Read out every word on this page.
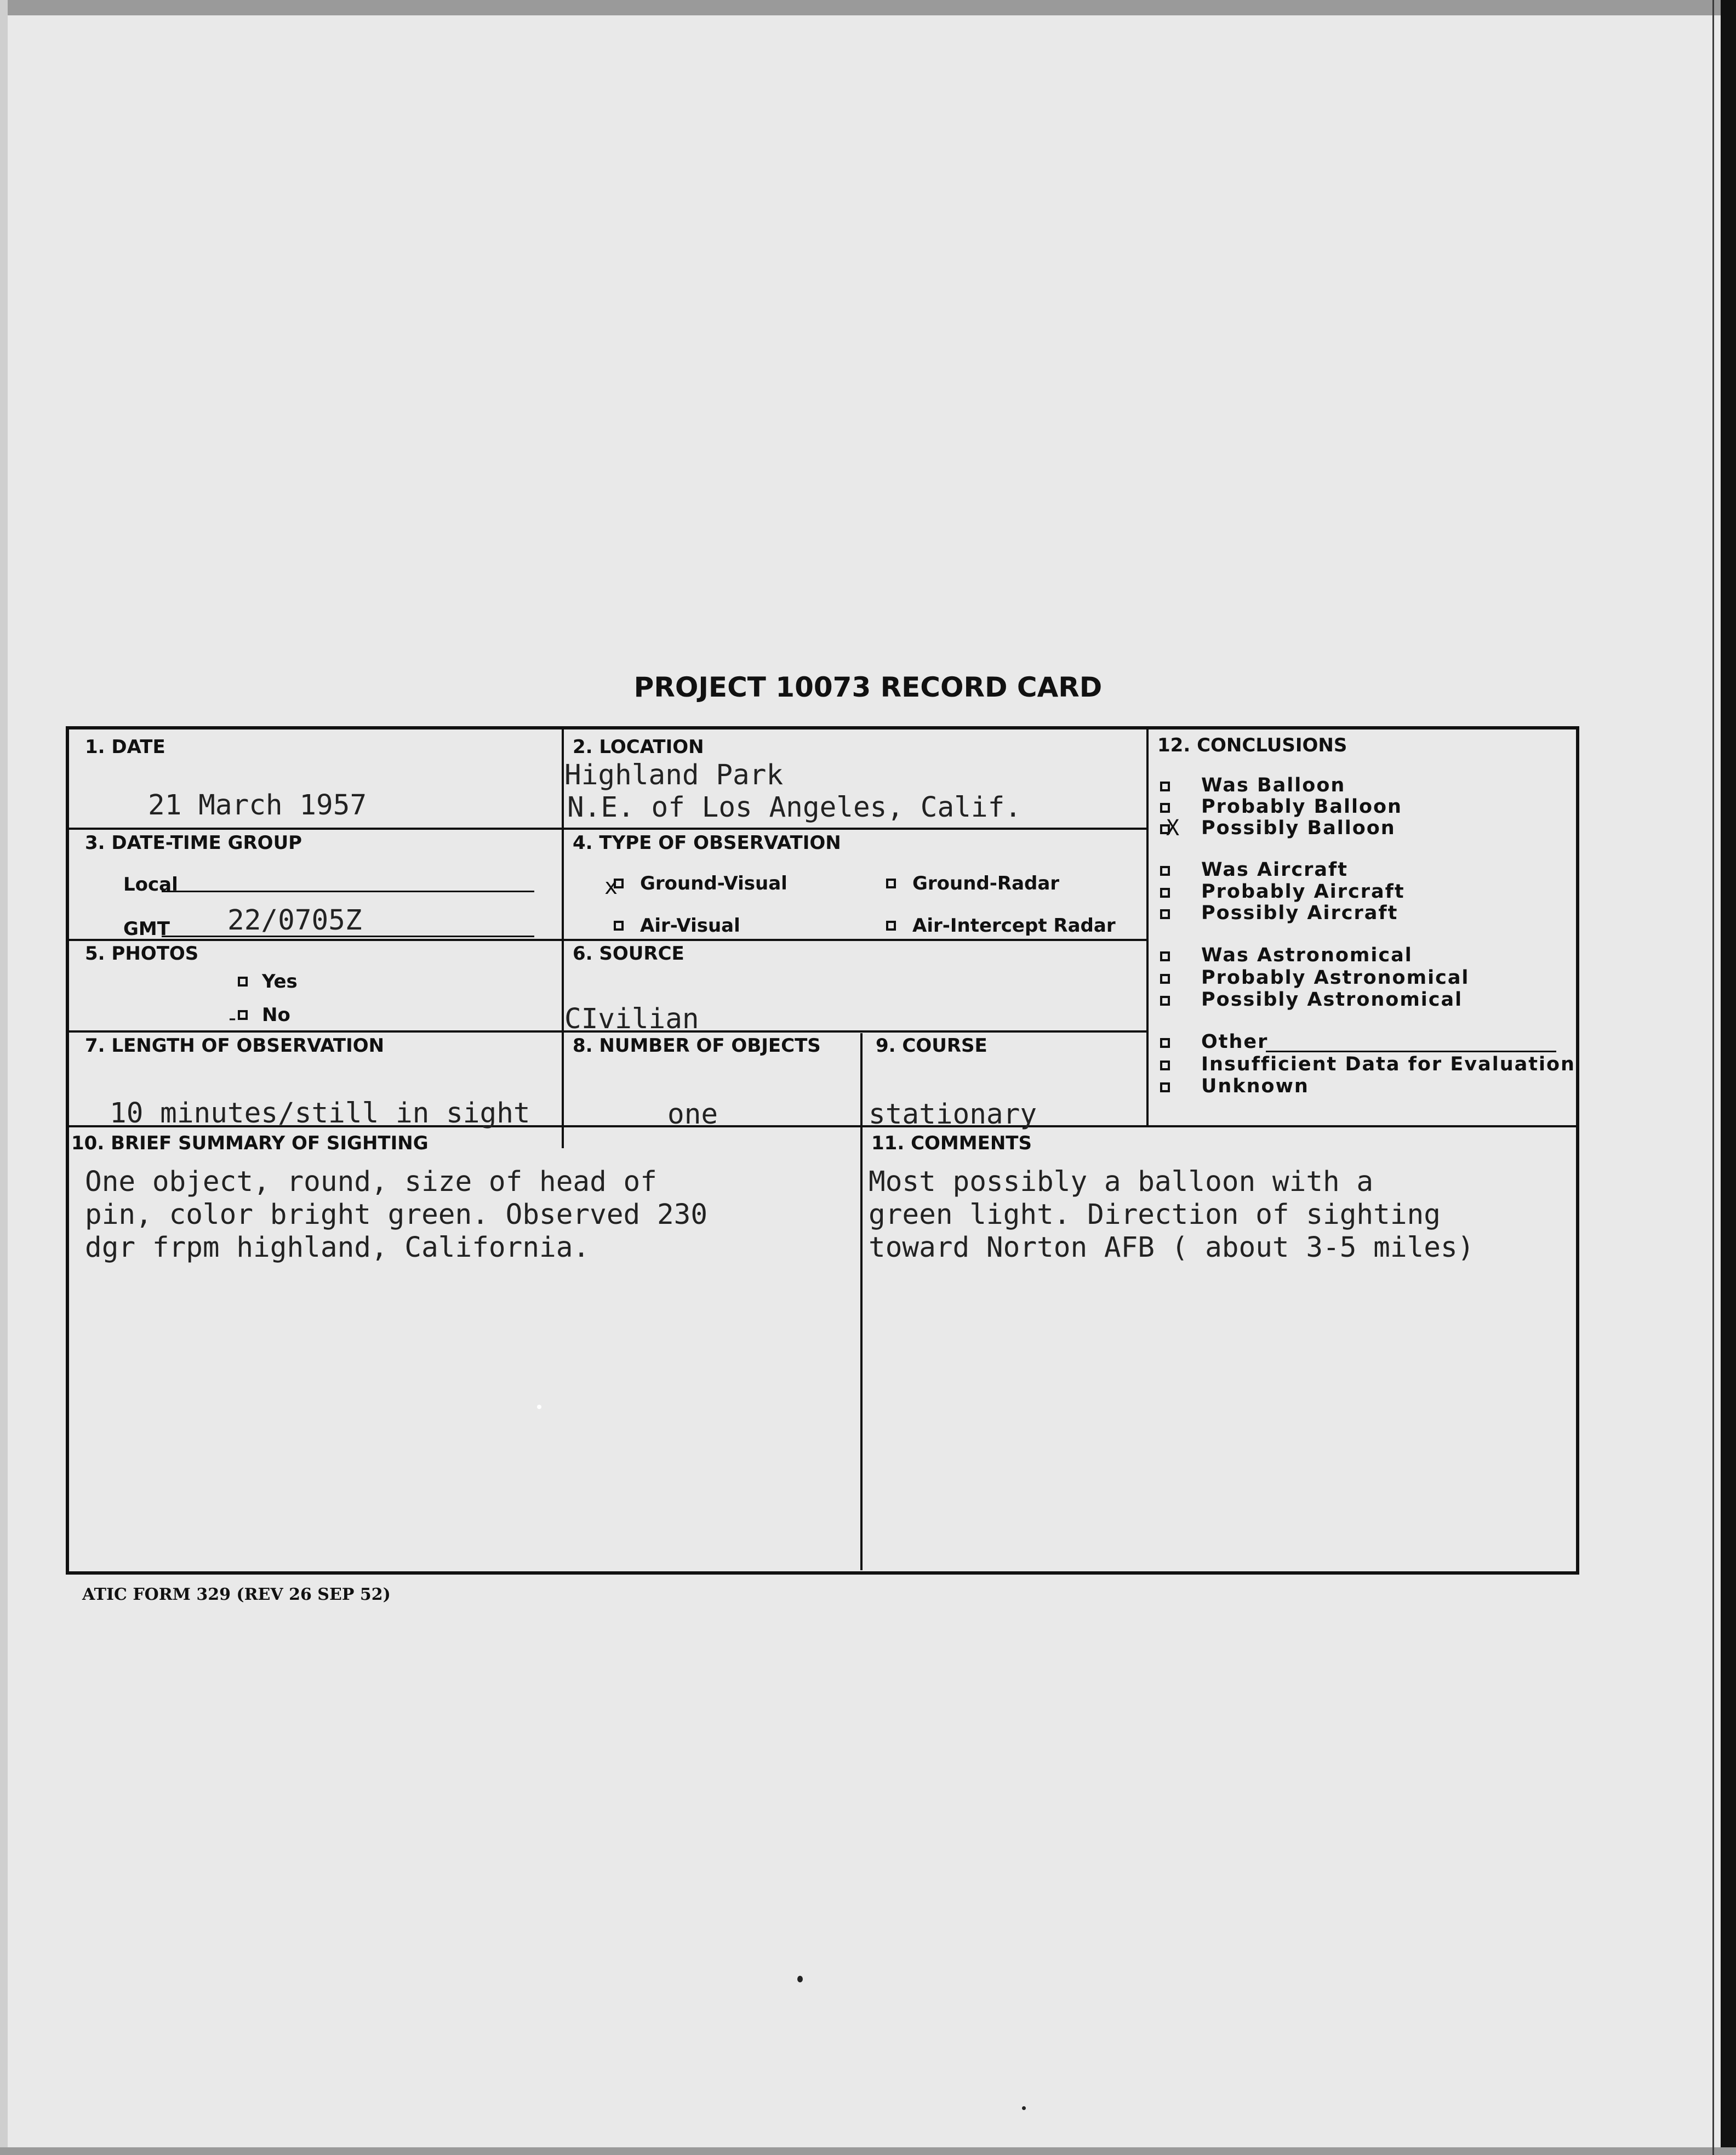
PROJECT 10073 RECORD CARD
1. DATE
21 March 1957
2. LOCATION
Highland Park
N.E. of Los Angeles, Calif.
3. DATE-TIME GROUP
Local
GMT 22/0705Z
4. TYPE OF OBSERVATION
x Ground-Visual	Ground-Radar
Air-Visual	Air-Intercept Radar
5. PHOTOS
Yes
- No
6. SOURCE
CIvilian
7. LENGTH OF OBSERVATION
10 minutes/still in sight
8. NUMBER OF OBJECTS
one
9. COURSE
stationary
10. BRIEF SUMMARY OF SIGHTING
One object, round, size of head of
pin, color bright green. Observed 230
dgr frpm highland, California.
11. COMMENTS
Most possibly a balloon with a
green light. Direction of sighting
toward Norton AFB ( about 3-5 miles)
12. CONCLUSIONS
Was Balloon
Probably Balloon
X Possibly Balloon
Was Aircraft
Probably Aircraft
Possibly Aircraft
Was Astronomical
Probably Astronomical
Possibly Astronomical
Other
Insufficient Data for Evaluation
Unknown
ATIC FORM 329 (REV 26 SEP 52)
